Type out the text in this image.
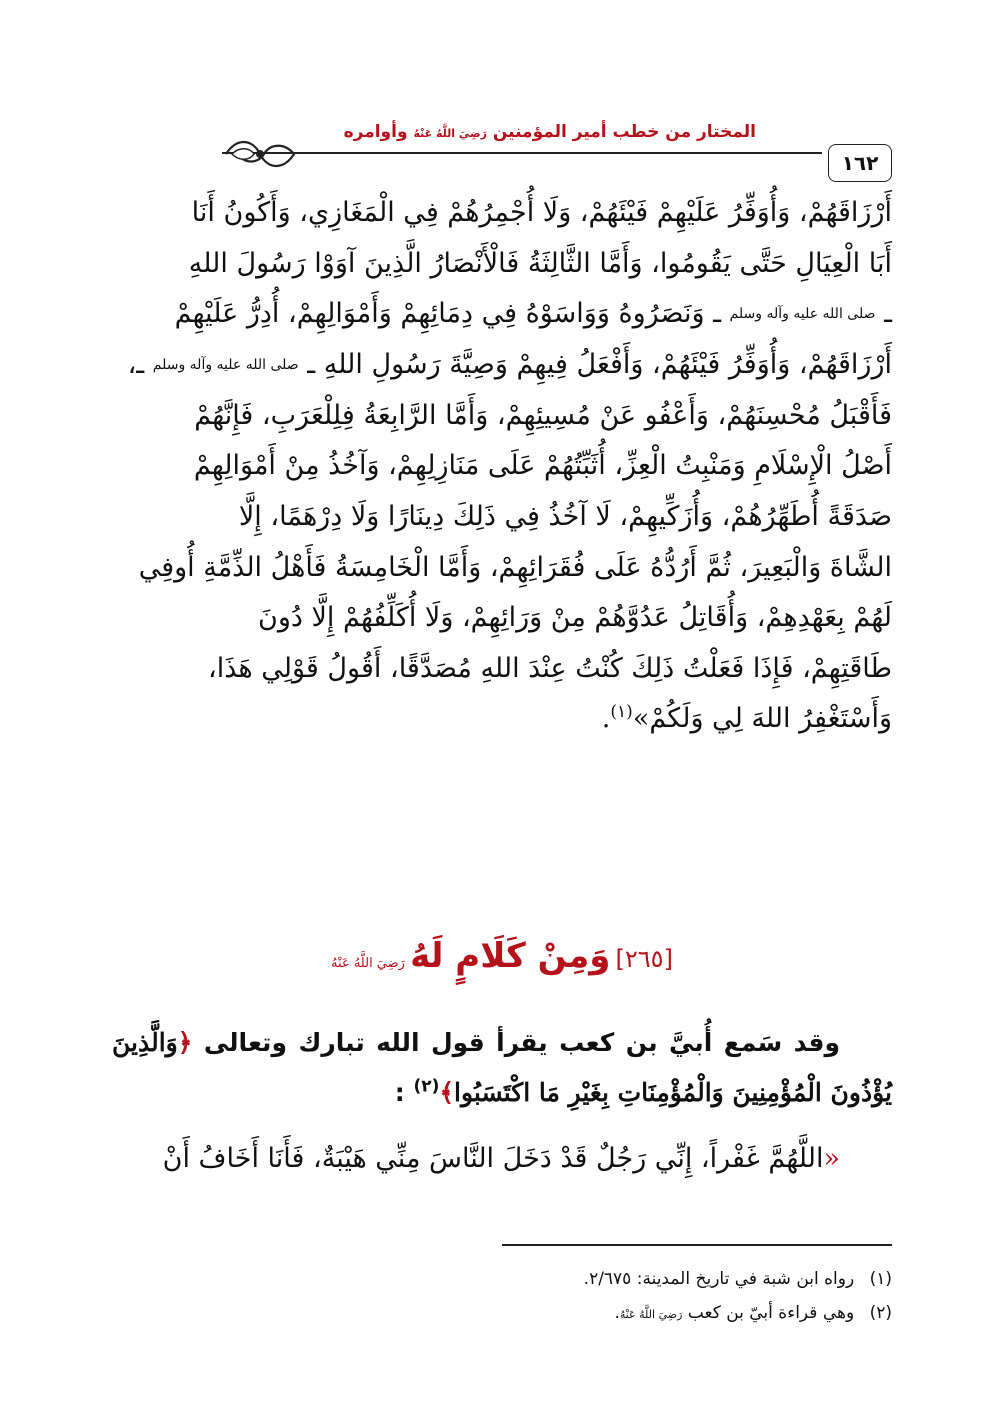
١٦٢
المختار من خطب أمير المؤمنين رَضِيَ اللَّهُ عَنْهُ وأوامره
أَرْزَاقَهُمْ، وَأُوَفِّرُ عَلَيْهِمْ فَيْئَهُمْ، وَلَا أُجْمِرُهُمْ فِي الْمَغَازِي، وَأَكُونُ أَنَا
أَبَا الْعِيَالِ حَتَّى يَقُومُوا، وَأَمَّا الثَّالِثَةُ فَالْأَنْصَارُ الَّذِينَ آوَوْا رَسُولَ اللهِ
ـ صلى الله عليه وآله وسلم ـ وَنَصَرُوهُ وَوَاسَوْهُ فِي دِمَائِهِمْ وَأَمْوَالِهِمْ، أُدِرُّ عَلَيْهِمْ
أَرْزَاقَهُمْ، وَأُوَفِّرُ فَيْئَهُمْ، وَأَفْعَلُ فِيهِمْ وَصِيَّةَ رَسُولِ اللهِ ـ صلى الله عليه وآله وسلم ـ،
فَأَقْبَلُ مُحْسِنَهُمْ، وَأَعْفُو عَنْ مُسِيئِهِمْ، وَأَمَّا الرَّابِعَةُ فِلِلْعَرَبِ، فَإِنَّهُمْ
أَصْلُ الْإِسْلَامِ وَمَنْبِتُ الْعِزِّ، أُثَبِّتُهُمْ عَلَى مَنَازِلِهِمْ، وَآخُذُ مِنْ أَمْوَالِهِمْ
صَدَقَةً أُطَهِّرُهُمْ، وَأُزَكِّيهِمْ، لَا آخُذُ فِي ذَلِكَ دِينَارًا وَلَا دِرْهَمًا، إِلَّا
الشَّاةَ وَالْبَعِيرَ، ثُمَّ أَرُدُّهُ عَلَى فُقَرَائِهِمْ، وَأَمَّا الْخَامِسَةُ فَأَهْلُ الذِّمَّةِ أُوفِي
لَهُمْ بِعَهْدِهِمْ، وَأُقَاتِلُ عَدُوَّهُمْ مِنْ وَرَائِهِمْ، وَلَا أُكَلِّفُهُمْ إِلَّا دُونَ
طَاقَتِهِمْ، فَإِذَا فَعَلْتُ ذَلِكَ كُنْتُ عِنْدَ اللهِ مُصَدَّقًا، أَقُولُ قَوْلِي هَذَا،
وَأَسْتَغْفِرُ اللهَ لِي وَلَكُمْ»$^{(١)}$.
[٢٦٥] وَمِنْ كَلَامٍ لَهُ رَضِيَ اللَّهُ عَنْهُ
وقد سَمع أُبيَّ بن كعب يقرأ قول الله تبارك وتعالى ﴿وَالَّذِينَ يُؤْذُونَ الْمُؤْمِنِينَ وَالْمُؤْمِنَاتِ بِغَيْرِ مَا اكْتَسَبُوا﴾$^{(٢)}$ :
«اللَّهُمَّ غَفْراً، إِنِّي رَجُلٌ قَدْ دَخَلَ النَّاسَ مِنِّي هَيْبَةٌ، فَأَنَا أَخَافُ أَنْ
(١) رواه ابن شبة في تاريخ المدينة: ٢/٦٧٥.
(٢) وهي قراءة أبيّ بن كعب رَضِيَ اللَّهُ عَنْهُ.
